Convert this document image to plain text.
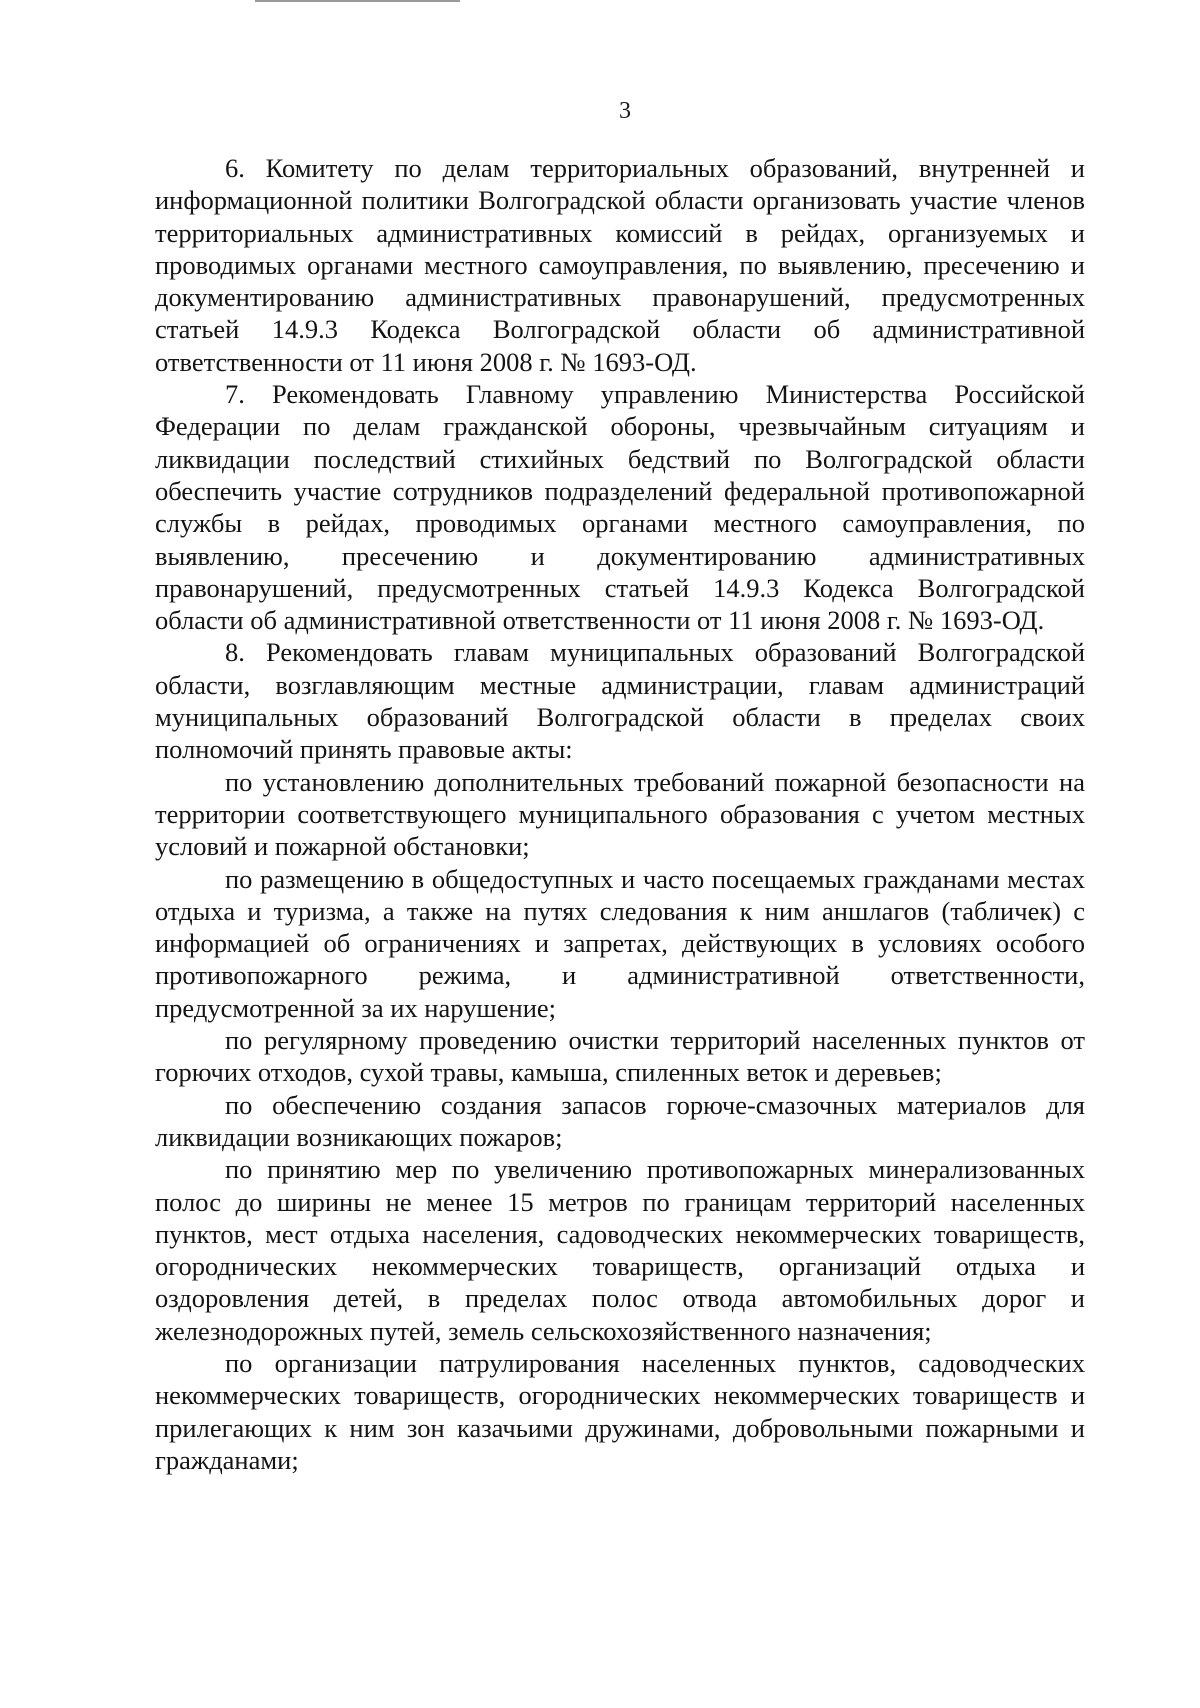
3

6. Комитету по делам территориальных образований, внутренней и информационной политики Волгоградской области организовать участие членов территориальных административных комиссий в рейдах, организуемых и проводимых органами местного самоуправления, по выявлению, пресечению и документированию административных правонарушений, предусмотренных статьей 14.9.3 Кодекса Волгоградской области об административной ответственности от 11 июня 2008 г. № 1693-ОД.

7. Рекомендовать Главному управлению Министерства Российской Федерации по делам гражданской обороны, чрезвычайным ситуациям и ликвидации последствий стихийных бедствий по Волгоградской области обеспечить участие сотрудников подразделений федеральной противопожарной службы в рейдах, проводимых органами местного самоуправления, по выявлению, пресечению и документированию административных правонарушений, предусмотренных статьей 14.9.3 Кодекса Волгоградской области об административной ответственности от 11 июня 2008 г. № 1693-ОД.

8. Рекомендовать главам муниципальных образований Волгоградской области, возглавляющим местные администрации, главам администраций муниципальных образований Волгоградской области в пределах своих полномочий принять правовые акты:

по установлению дополнительных требований пожарной безопасности на территории соответствующего муниципального образования с учетом местных условий и пожарной обстановки;

по размещению в общедоступных и часто посещаемых гражданами местах отдыха и туризма, а также на путях следования к ним аншлагов (табличек) с информацией об ограничениях и запретах, действующих в условиях особого противопожарного режима, и административной ответственности, предусмотренной за их нарушение;

по регулярному проведению очистки территорий населенных пунктов от горючих отходов, сухой травы, камыша, спиленных веток и деревьев;

по обеспечению создания запасов горюче-смазочных материалов для ликвидации возникающих пожаров;

по принятию мер по увеличению противопожарных минерализованных полос до ширины не менее 15 метров по границам территорий населенных пунктов, мест отдыха населения, садоводческих некоммерческих товариществ, огороднических некоммерческих товариществ, организаций отдыха и оздоровления детей, в пределах полос отвода автомобильных дорог и железнодорожных путей, земель сельскохозяйственного назначения;

по организации патрулирования населенных пунктов, садоводческих некоммерческих товариществ, огороднических некоммерческих товариществ и прилегающих к ним зон казачьими дружинами, добровольными пожарными и гражданами;
